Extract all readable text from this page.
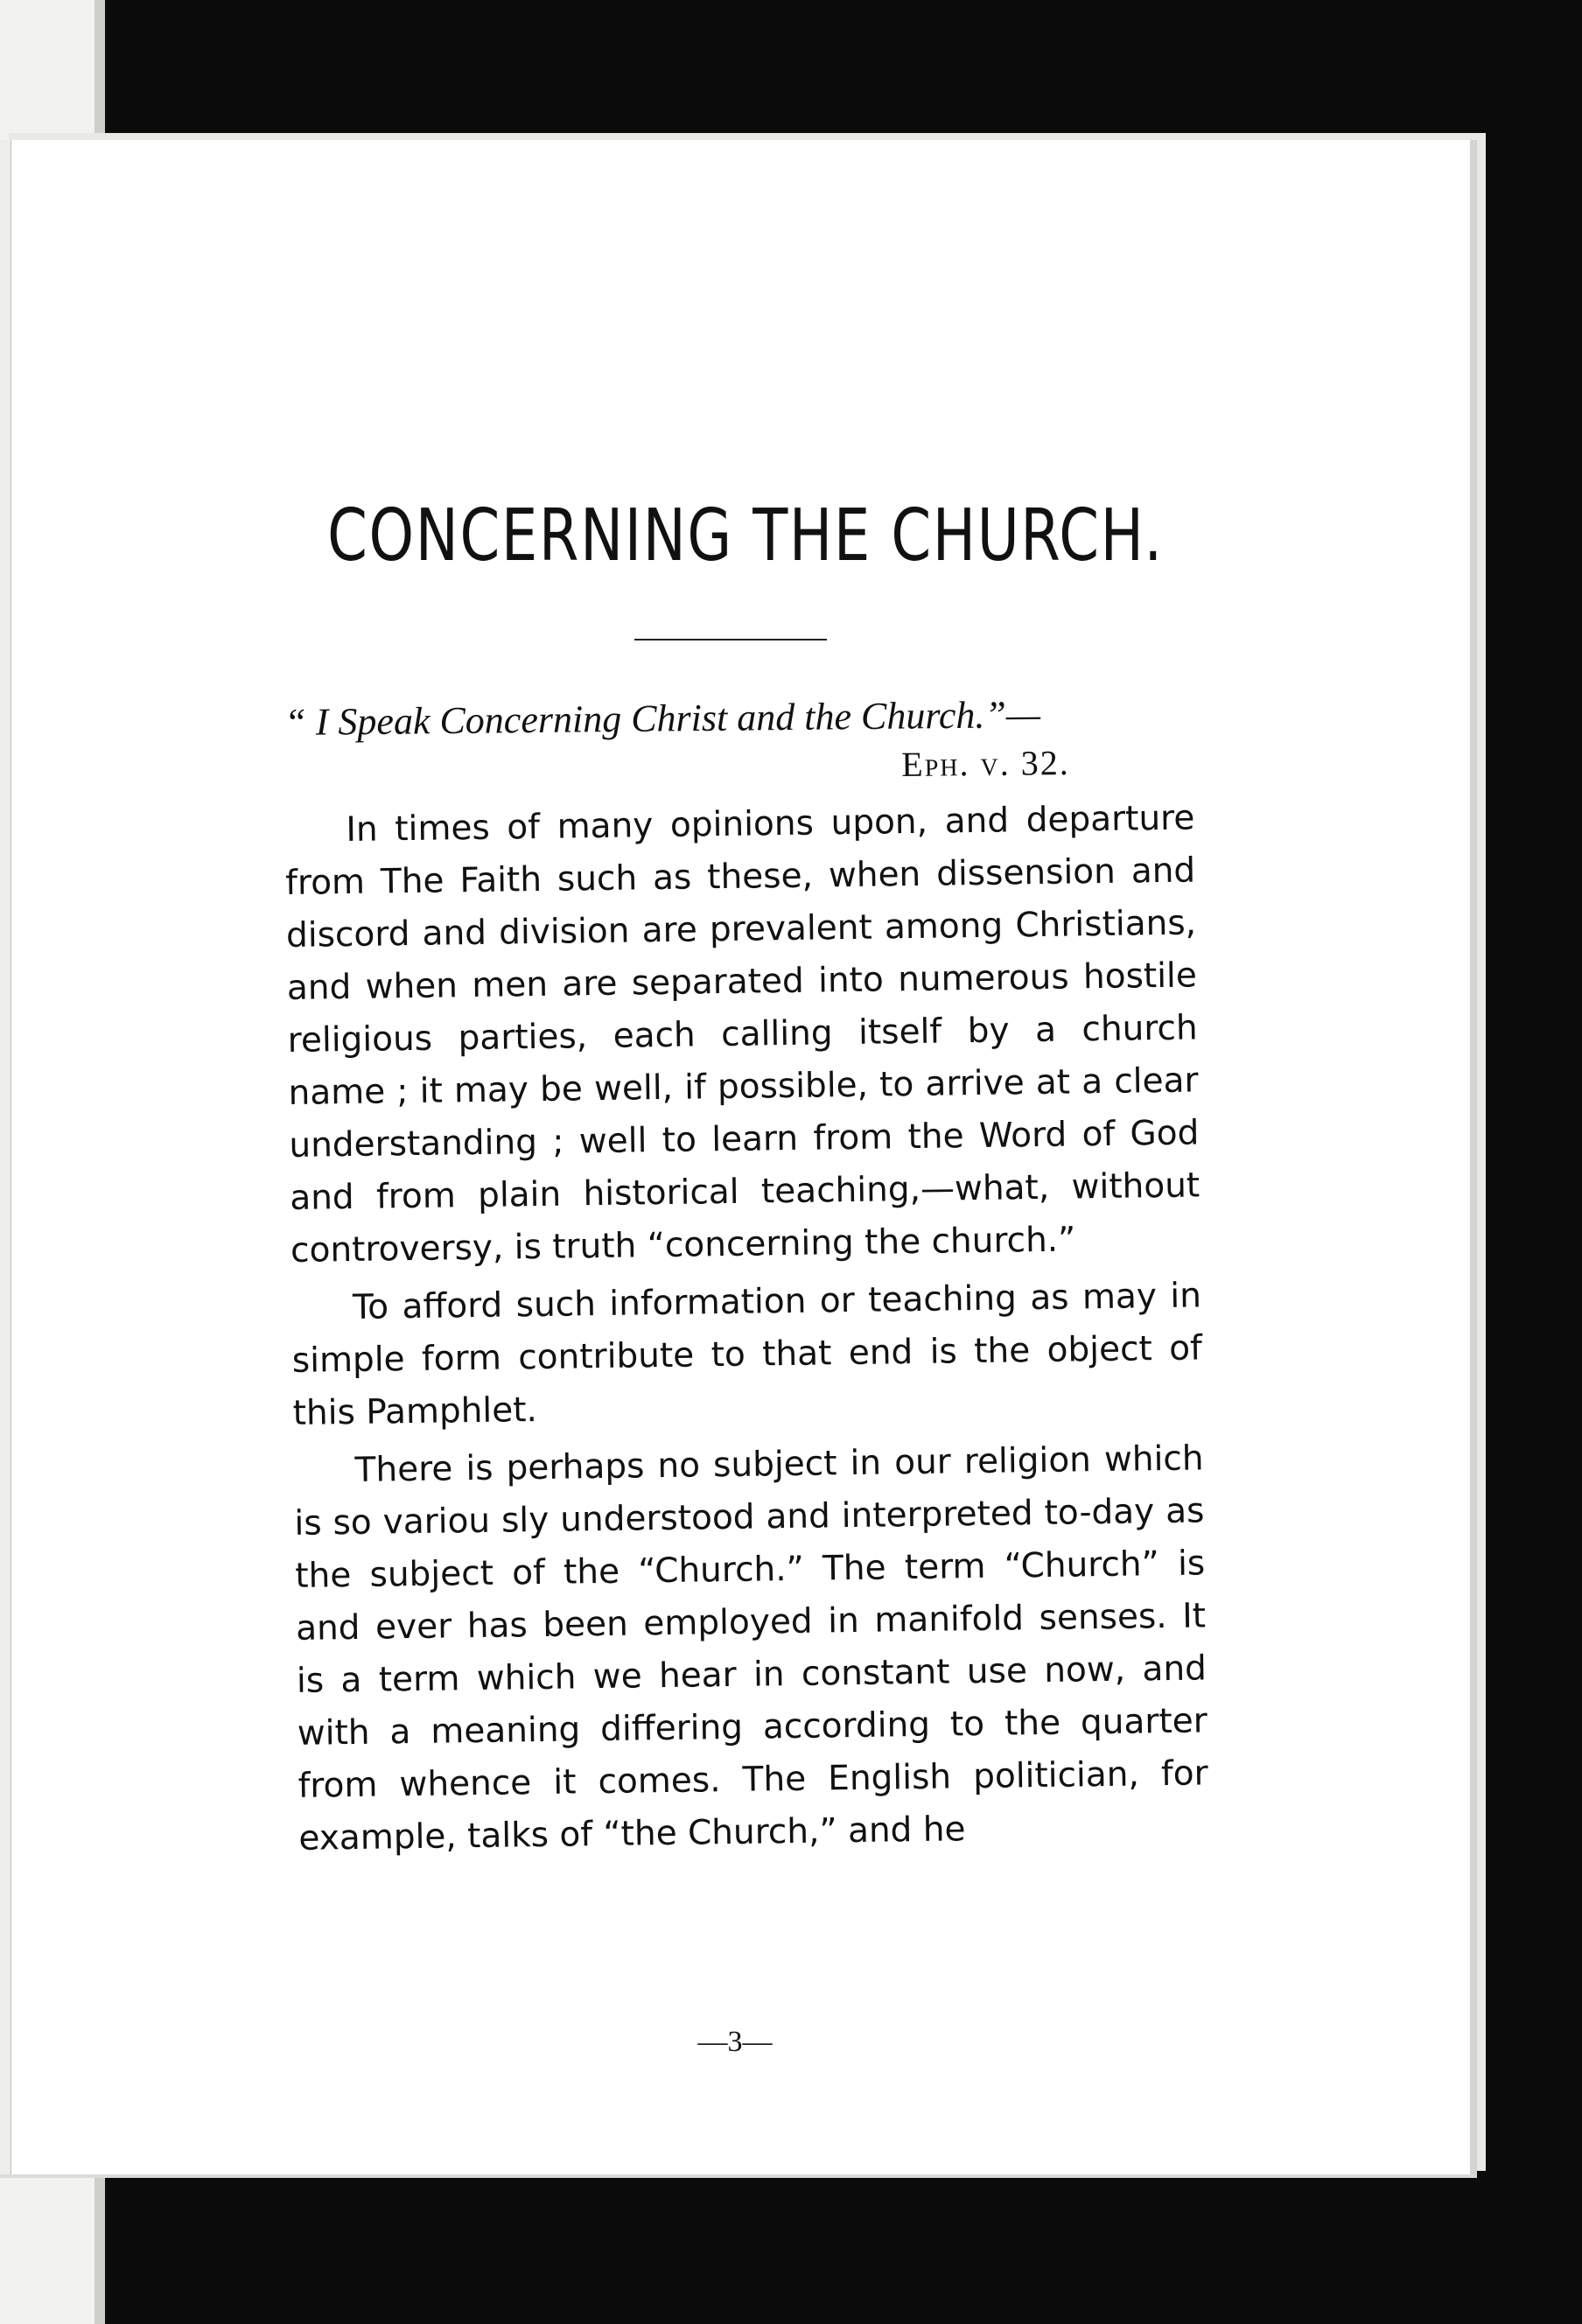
CONCERNING THE CHURCH.
“ I Speak Concerning Christ and the Church.”—
Eph. v. 32.

In times of many opinions upon, and departure from The Faith such as these, when dissension and discord and division are prevalent among Christians, and when men are separated into numerous hostile religious parties, each calling itself by a church name ; it may be well, if possible, to arrive at a clear understanding ; well to learn from the Word of God and from plain historical teaching,—what, without controversy, is truth “concerning the church.”

To afford such information or teaching as may in simple form contribute to that end is the object of this Pamphlet.

There is perhaps no subject in our religion which is so variou sly understood and interpreted to-day as the subject of the “Church.” The term “Church” is and ever has been employed in manifold senses. It is a term which we hear in constant use now, and with a meaning differing according to the quarter from whence it comes. The English politician, for example, talks of “the Church,” and he

—3—
